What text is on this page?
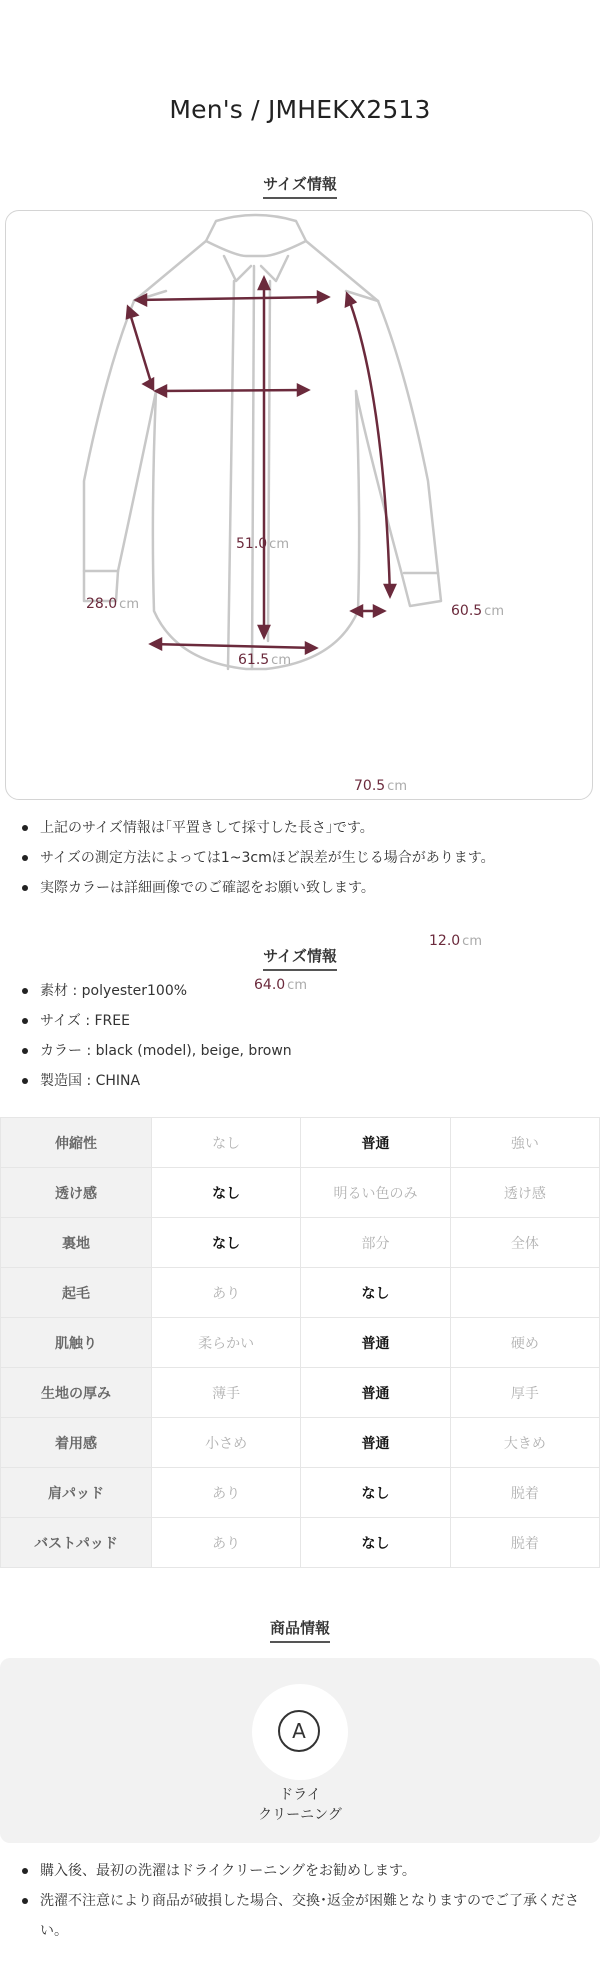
Men's / JMHEKX2513
サイズ情報
51.0 cm
28.0 cm	60.5 cm
61.5 cm
70.5 cm
12.0 cm
64.0 cm
上記のサイズ情報は｢平置きして採寸した長さ｣です。
サイズの測定方法によっては1~3cmほど誤差が生じる場合があります。
実際カラーは詳細画像でのご確認をお願い致します。
サイズ情報
素材 : polyester100%
サイズ : FREE
カラー : black (model), beige, brown
製造国 : CHINA
伸縮性	なし	普通	強い
透け感	なし	明るい色のみ	透け感
裏地	なし	部分	全体
起毛	あり	なし	
肌触り	柔らかい	普通	硬め
生地の厚み	薄手	普通	厚手
着用感	小さめ	普通	大きめ
肩パッド	あり	なし	脱着
バストパッド	あり	なし	脱着
商品情報
A
ドライ
クリーニング
購入後、最初の洗濯はドライクリーニングをお勧めします。
洗濯不注意により商品が破損した場合、交換･返金が困難となりますのでご了承ください。
